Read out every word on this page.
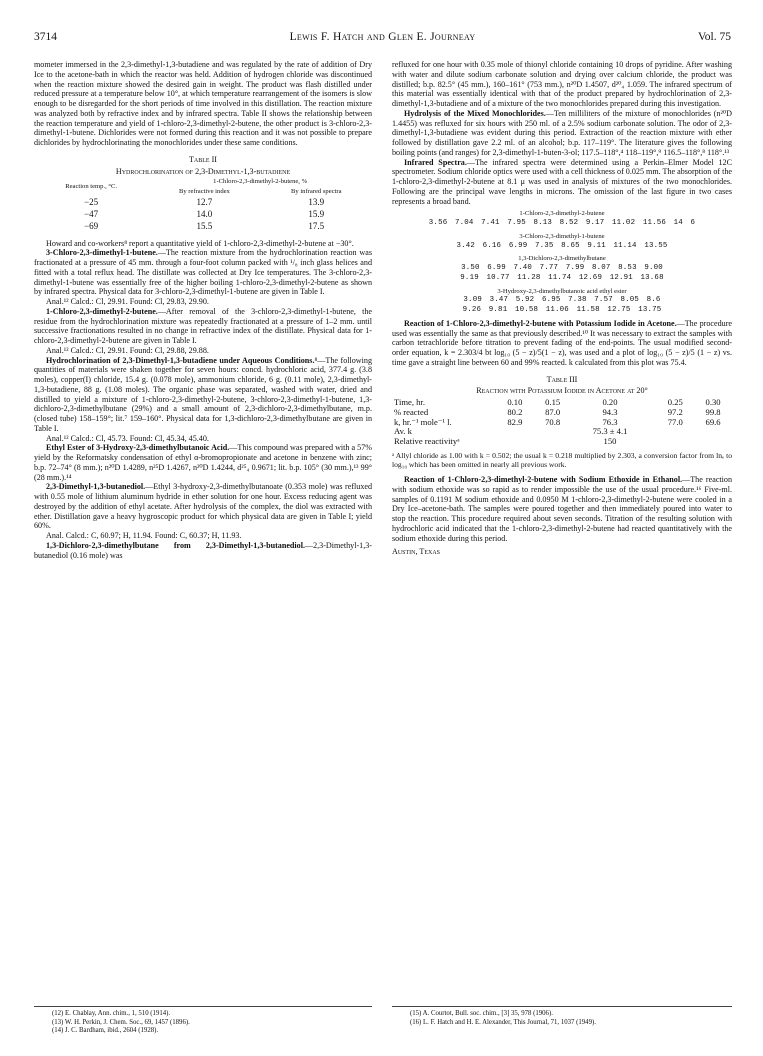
3714	Lewis F. Hatch and Glen E. Journeay	Vol. 75

mometer immersed in the 2,3-dimethyl-1,3-butadiene and was regulated by the rate of addition of Dry Ice to the acetone-bath in which the reactor was held. Addition of hydrogen chloride was discontinued when the reaction mixture showed the desired gain in weight. The product was flash distilled under reduced pressure at a temperature below 10°, at which temperature rearrangement of the isomers is slow enough to be disregarded for the short periods of time involved in this distillation. The reaction mixture was analyzed both by refractive index and by infrared spectra. Table II shows the relationship between the reaction temperature and yield of 1-chloro-2,3-dimethyl-2-butene, the other product is 3-chloro-2,3-dimethyl-1-butene. Dichlorides were not formed during this reaction and it was not possible to prepare dichlorides by hydrochlorinating the monochlorides under these same conditions.

Table II
Hydrochlorination of 2,3-Dimethyl-1,3-butadiene
Reaction temp., °C.	1-Chloro-2,3-dimethyl-2-butene, %	
	By refractive index	By infrared spectra
−25	12.7	13.9
−47	14.0	15.9
−69	15.5	17.5

Howard and co-workers⁸ report a quantitative yield of 1-chloro-2,3-dimethyl-2-butene at −30°.

3-Chloro-2,3-dimethyl-1-butene.—The reaction mixture from the hydrochlorination reaction was fractionated at a pressure of 45 mm. through a four-foot column packed with ¹/₈ inch glass helices and fitted with a total reflux head. The distillate was collected at Dry Ice temperatures. The 3-chloro-2,3-dimethyl-1-butene was essentially free of the higher boiling 1-chloro-2,3-dimethyl-2-butene as shown by infrared spectra. Physical data for 3-chloro-2,3-dimethyl-1-butene are given in Table I.

Anal.¹² Calcd.: Cl, 29.91. Found: Cl, 29.83, 29.90.

1-Chloro-2,3-dimethyl-2-butene.—After removal of the 3-chloro-2,3-dimethyl-1-butene, the residue from the hydrochlorination mixture was repeatedly fractionated at a pressure of 1–2 mm. until successive fractionations resulted in no change in refractive index of the distillate. Physical data for 1-chloro-2,3-dimethyl-2-butene are given in Table I.

Anal.¹² Calcd.: Cl, 29.91. Found: Cl, 29.88, 29.88.

Hydrochlorination of 2,3-Dimethyl-1,3-butadiene under Aqueous Conditions.⁸—The following quantities of materials were shaken together for seven hours: concd. hydrochloric acid, 377.4 g. (3.8 moles), copper(I) chloride, 15.4 g. (0.078 mole), ammonium chloride, 6 g. (0.11 mole), 2,3-dimethyl-1,3-butadiene, 88 g. (1.08 moles). The organic phase was separated, washed with water, dried and distilled to yield a mixture of 1-chloro-2,3-dimethyl-2-butene, 3-chloro-2,3-dimethyl-1-butene, 1,3-dichloro-2,3-dimethylbutane (29%) and a small amount of 2,3-dichloro-2,3-dimethylbutane, m.p. (closed tube) 158–159°; lit.⁷ 159–160°. Physical data for 1,3-dichloro-2,3-dimethylbutane are given in Table I.

Anal.¹² Calcd.: Cl, 45.73. Found: Cl, 45.34, 45.40.

Ethyl Ester of 3-Hydroxy-2,3-dimethylbutanoic Acid.—This compound was prepared with a 57% yield by the Reformatsky condensation of ethyl α-bromopropionate and acetone in benzene with zinc; b.p. 72–74° (8 mm.); n²⁰D 1.4289, n²⁵D 1.4267, n²⁰D 1.4244, d²⁵₄ 0.9671; lit. b.p. 105° (30 mm.),¹³ 99° (28 mm.).¹⁴

2,3-Dimethyl-1,3-butanediol.—Ethyl 3-hydroxy-2,3-dimethylbutanoate (0.353 mole) was refluxed with 0.55 mole of lithium aluminum hydride in ether solution for one hour. Excess reducing agent was destroyed by the addition of ethyl acetate. After hydrolysis of the complex, the diol was extracted with ether. Distillation gave a heavy hygroscopic product for which physical data are given in Table I; yield 60%.

Anal. Calcd.: C, 60.97; H, 11.94. Found: C, 60.37; H, 11.93.

1,3-Dichloro-2,3-dimethylbutane from 2,3-Dimethyl-1,3-butanediol.—2,3-Dimethyl-1,3-butanediol (0.16 mole) was

refluxed for one hour with 0.35 mole of thionyl chloride containing 10 drops of pyridine. After washing with water and dilute sodium carbonate solution and drying over calcium chloride, the product was distilled; b.p. 82.5° (45 mm.), 160–161° (753 mm.), n²⁰D 1.4507, d²⁰₄ 1.059. The infrared spectrum of this material was essentially identical with that of the product prepared by hydrochlorination of 2,3-dimethyl-1,3-butadiene and of a mixture of the two monochlorides prepared during this investigation.

Hydrolysis of the Mixed Monochlorides.—Ten milliliters of the mixture of monochlorides (n²⁰D 1.4455) was refluxed for six hours with 250 ml. of a 2.5% sodium carbonate solution. The odor of 2,3-dimethyl-1,3-butadiene was evident during this period. Extraction of the reaction mixture with ether followed by distillation gave 2.2 ml. of an alcohol; b.p. 117–119°. The literature gives the following boiling points (and ranges) for 2,3-dimethyl-1-buten-3-ol; 117.5–118°,⁴ 118–119°,⁹ 116.5–118°,⁸ 118°.¹³

Infrared Spectra.—The infrared spectra were determined using a Perkin–Elmer Model 12C spectrometer. Sodium chloride optics were used with a cell thickness of 0.025 mm. The absorption of the 1-chloro-2,3-dimethyl-2-butene at 8.1 μ was used in analysis of mixtures of the two monochlorides. Following are the principal wave lengths in microns. The omission of the last figure in two cases represents a broad band.

1-Chloro-2,3-dimethyl-2-butene
3.56 7.04 7.41 7.95 8.13 8.52 9.17 11.02 11.56 14 6
3-Chloro-2,3-dimethyl-1-butene
3.42 6.16 6.99 7.35 8.65 9.11 11.14 13.55
1,3-Dichloro-2,3-dimethylbutane
3.50 6.99 7.40 7.77 7.99 8.07 8.53 9.00
9.19 10.77 11.28 11.74 12.69 12.91 13.68
3-Hydroxy-2,3-dimethylbutanoic acid ethyl ester
3.09 3.47 5.92 6.95 7.38 7.57 8.05 8.6
9.26 9.81 10.58 11.06 11.58 12.75 13.75

Reaction of 1-Chloro-2,3-dimethyl-2-butene with Potassium Iodide in Acetone.—The procedure used was essentially the same as that previously described.¹⁰ It was necessary to extract the samples with carbon tetrachloride before titration to prevent fading of the end-points. The usual modified second-order equation, k = 2.303/4 bt log₁₀ (5 − z)/5(1 − z), was used and a plot of log₁₀ (5 − z)/5 (1 − z) vs. time gave a straight line between 60 and 99% reacted. k calculated from this plot was 75.4.

Table III
Reaction with Potassium Iodide in Acetone at 20°
Time, hr.	0.10	0.15	0.20		0.25	0.30
% reacted	80.2	87.0	94.3		97.2	99.8
k, hr.⁻¹ mole⁻¹ l.	82.9	70.8	76.3		77.0	69.6
Av. k			75.3 ± 4.1			
Relative reactivityᵃ			150			
ᵃ Allyl chloride as 1.00 with k = 0.502; the usual k = 0.218 multiplied by 2.303, a conversion factor from lnₑ to log₁₀ which has been omitted in nearly all previous work.

Reaction of 1-Chloro-2,3-dimethyl-2-butene with Sodium Ethoxide in Ethanol.—The reaction with sodium ethoxide was so rapid as to render impossible the use of the usual procedure.¹⁶ Five-ml. samples of 0.1191 M sodium ethoxide and 0.0950 M 1-chloro-2,3-dimethyl-2-butene were cooled in a Dry Ice–acetone-bath. The samples were poured together and then immediately poured into water to stop the reaction. This procedure required about seven seconds. Titration of the resulting solution with hydrochloric acid indicated that the 1-chloro-2,3-dimethyl-2-butene had reacted quantitatively with the sodium ethoxide during this period.

Austin, Texas
(12) E. Chablay, Ann. chim., 1, 510 (1914).
(13) W. H. Perkin, J. Chem. Soc., 69, 1457 (1896).
(14) J. C. Bardham, ibid., 2604 (1928).
(15) A. Courtot, Bull. soc. chim., [3] 35, 978 (1906).
(16) L. F. Hatch and H. E. Alexander, This Journal, 71, 1037 (1949).
